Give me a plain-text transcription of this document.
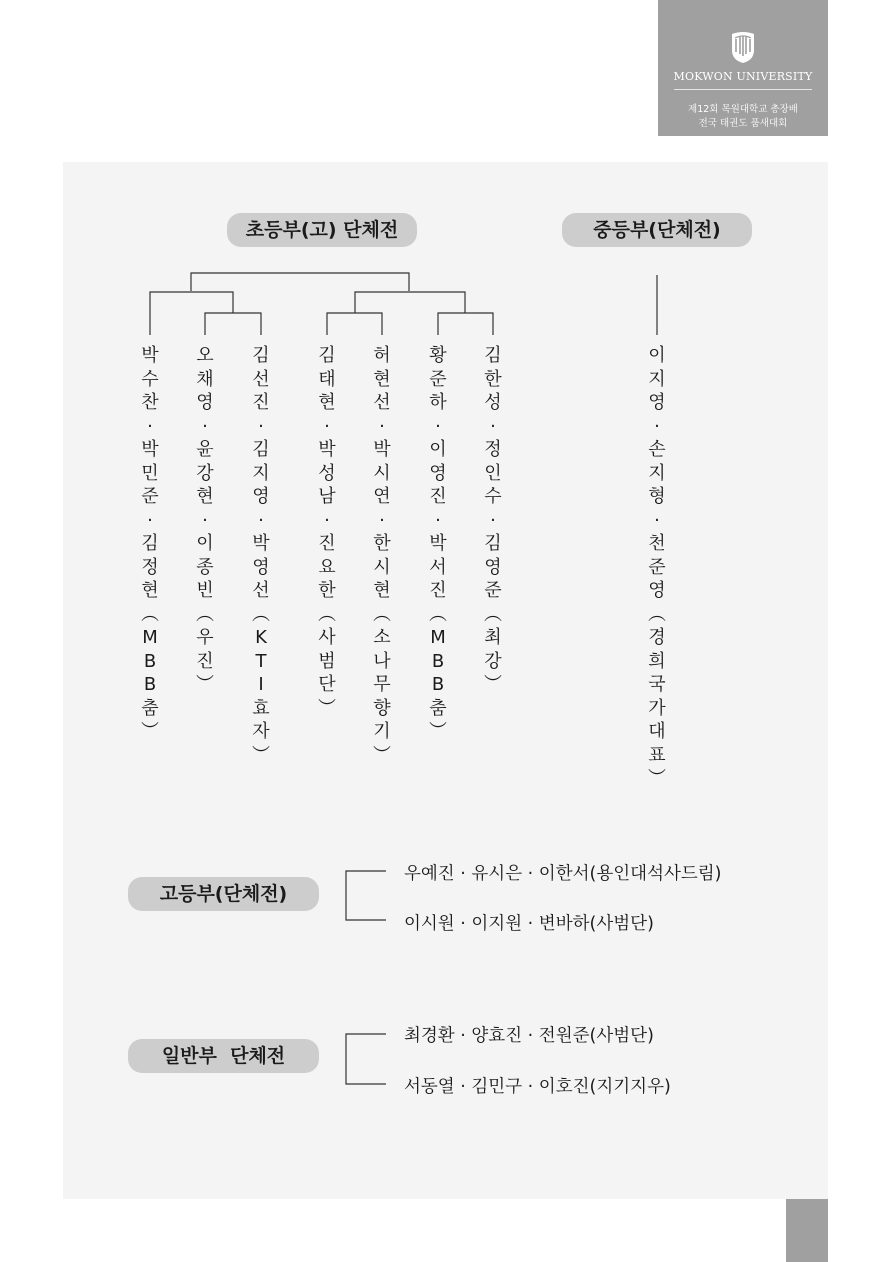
MOKWON UNIVERSITY
제12회 목원대학교 총장배
전국 태권도 품새대회
초등부(고) 단체전	중등부(단체전)
박
수
찬
·
박
민
준
·
김
정
현
︵
M
B
B
춤
︶
오
채
영
·
윤
강
현
·
이
종
빈
︵
우
진
︶
김
선
진
·
김
지
영
·
박
영
선
︵
K
T
I
효
자
︶
김
태
현
·
박
성
남
·
진
요
한
︵
사
범
단
︶
허
현
선
·
박
시
연
·
한
시
현
︵
소
나
무
향
기
︶
황
준
하
·
이
영
진
·
박
서
진
︵
M
B
B
춤
︶
김
한
성
·
정
인
수
·
김
영
준
︵
최
강
︶
이
지
영
·
손
지
형
·
천
준
영
︵
경
희
국
가
대
표
︶
고등부(단체전)
우예진 · 유시은 · 이한서(용인대석사드림)
이시원 · 이지원 · 변바하(사범단)
일반부  단체전
최경환 · 양효진 · 전원준(사범단)
서동열 · 김민구 · 이호진(지기지우)
